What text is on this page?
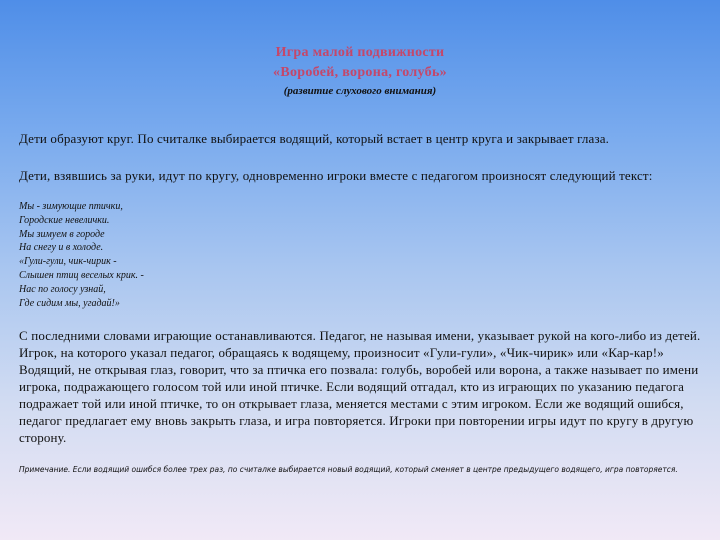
Игра малой подвижности
«Воробей, ворона, голубь»
(развитие слухового внимания)
Дети образуют круг. По считалке выбирается водящий, который встает в центр круга и закрывает глаза.
Дети, взявшись за руки, идут по кругу, одновременно игроки вместе с педагогом произносят следующий текст:
Мы - зимующие птички,
Городские невелички.
Мы зимуем в городе
На снегу и в холоде.
«Гули-гули, чик-чирик -
Слышен птиц веселых крик. -
Нас по голосу узнай,
Где сидим мы, угадай!»
С последними словами играющие останавливаются. Педагог, не называя имени, указывает рукой на кого-либо из детей. Игрок, на которого указал педагог, обращаясь к водящему, произносит «Гули-гули», «Чик-чирик» или «Кар-кар!» Водящий, не открывая глаз, говорит, что за птичка его позвала: голубь, воробей или ворона, а также называет по имени игрока, подражающего голосом той или иной птичке. Если водящий отгадал, кто из играющих по указанию педагога подражает той или иной птичке, то он открывает глаза, меняется местами с этим игроком. Если же водящий ошибся, педагог предлагает ему вновь закрыть глаза, и игра повторяется. Игроки при повторении игры идут по кругу в другую сторону.
Примечание. Если водящий ошибся более трех раз, по считалке выбирается новый водящий, который сменяет в центре предыдущего водящего, игра повторяется.
